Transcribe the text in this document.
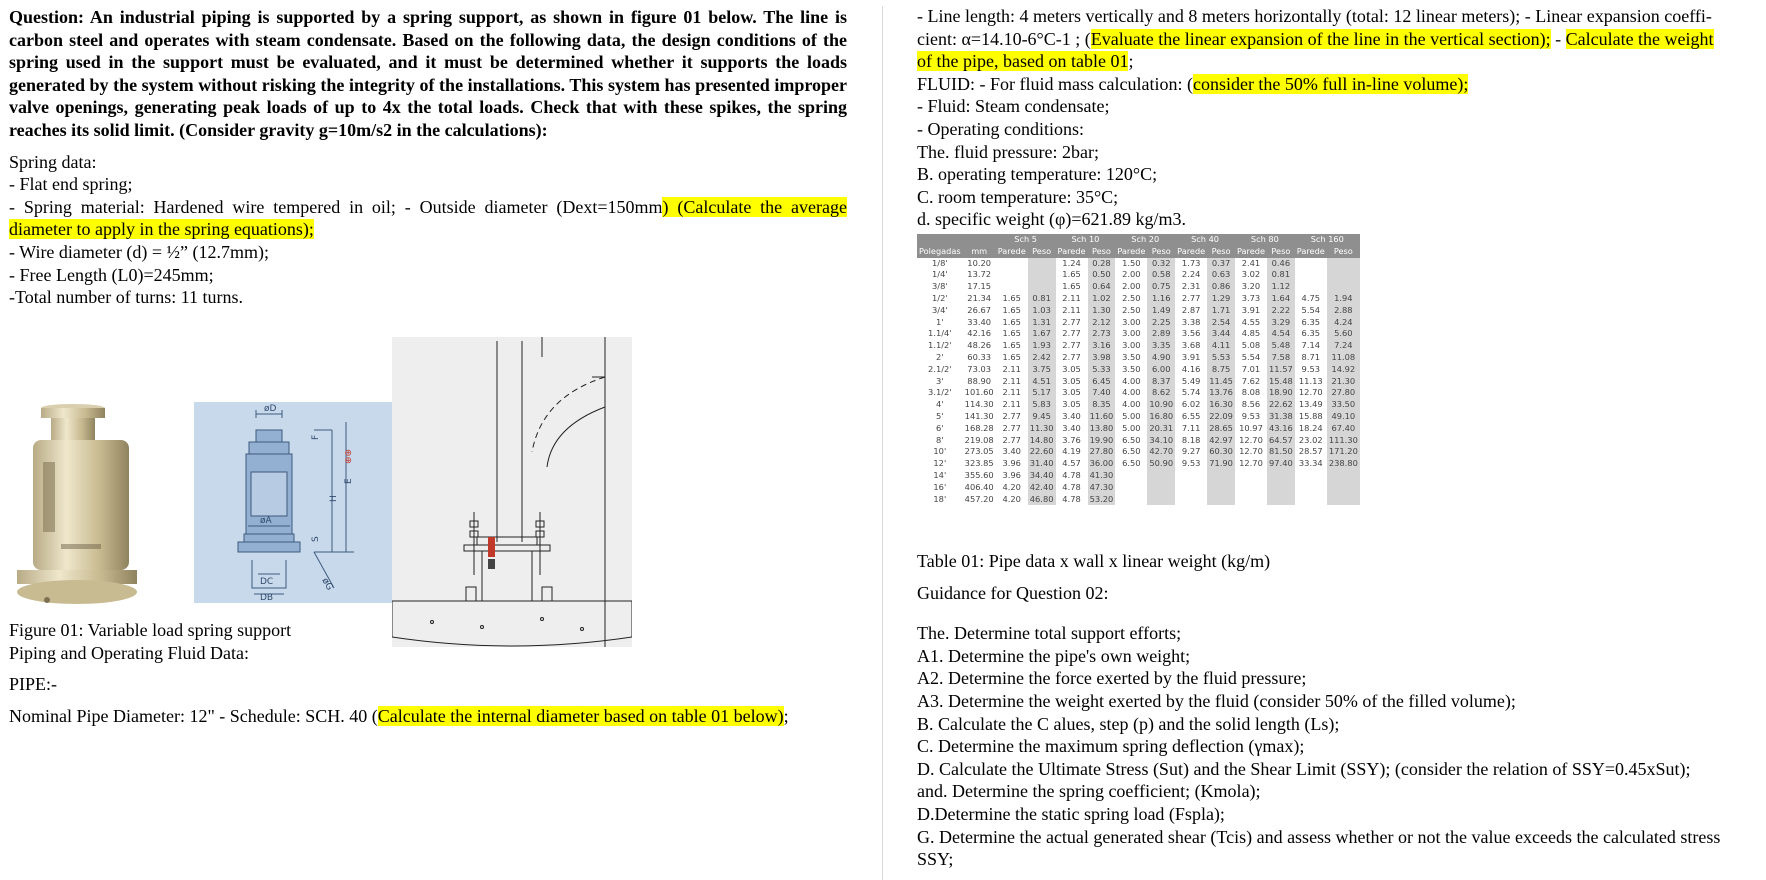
Question: An industrial piping is supported by a spring support, as shown in figure 01 below. The line is carbon steel and operates with steam condensate. Based on the following data, the design conditions of the spring used in the support must be evaluated, and it must be determined whether it supports the loads generated by the system without risking the integrity of the installations. This system has presented improper valve openings, generating peak loads of up to 4x the total loads. Check that with these spikes, the spring reaches its solid limit. (Consider gravity g=10m/s2 in the calculations):

Spring data:
- Flat end spring;
- Spring material: Hardened wire tempered in oil; - Outside diameter (Dext=150mm) (Calculate the average diameter to apply in the spring equations);
- Wire diameter (d) = ½” (12.7mm);
- Free Length (L0)=245mm;
-Total number of turns: 11 turns.
øD
øA
DC
DB
H
E
S
F
⊕⊕
øG
Figure 01: Variable load spring support
Piping and Operating Fluid Data:
PIPE:-
Nominal Pipe Diameter: 12" - Schedule: SCH. 40 (Calculate the internal diameter based on table 01 below);
- Line length: 4 meters vertically and 8 meters horizontally (total: 12 linear meters); - Linear expansion coeffi-
cient: α=14.10-6°C-1 ; (Evaluate the linear expansion of the line in the vertical section); - Calculate the weight
of the pipe, based on table 01;
FLUID: - For fluid mass calculation: (consider the 50% full in-line volume);
- Fluid: Steam condensate;
- Operating conditions:
The. fluid pressure: 2bar;
B. operating temperature: 120°C;
C. room temperature: 35°C;
d. specific weight (φ)=621.89 kg/m3.
		Sch 5		Sch 10		Sch 20		Sch 40		Sch 80		Sch 160	
Polegadas	mm	Parede	Peso	Parede	Peso	Parede	Peso	Parede	Peso	Parede	Peso	Parede	Peso
1/8'	10.20			1.24	0.28	1.50	0.32	1.73	0.37	2.41	0.46		
1/4'	13.72			1.65	0.50	2.00	0.58	2.24	0.63	3.02	0.81		
3/8'	17.15			1.65	0.64	2.00	0.75	2.31	0.86	3.20	1.12		
1/2'	21.34	1.65	0.81	2.11	1.02	2.50	1.16	2.77	1.29	3.73	1.64	4.75	1.94
3/4'	26.67	1.65	1.03	2.11	1.30	2.50	1.49	2.87	1.71	3.91	2.22	5.54	2.88
1'	33.40	1.65	1.31	2.77	2.12	3.00	2.25	3.38	2.54	4.55	3.29	6.35	4.24
1.1/4'	42.16	1.65	1.67	2.77	2.73	3.00	2.89	3.56	3.44	4.85	4.54	6.35	5.60
1.1/2'	48.26	1.65	1.93	2.77	3.16	3.00	3.35	3.68	4.11	5.08	5.48	7.14	7.24
2'	60.33	1.65	2.42	2.77	3.98	3.50	4.90	3.91	5.53	5.54	7.58	8.71	11.08
2.1/2'	73.03	2.11	3.75	3.05	5.33	3.50	6.00	4.16	8.75	7.01	11.57	9.53	14.92
3'	88.90	2.11	4.51	3.05	6.45	4.00	8.37	5.49	11.45	7.62	15.48	11.13	21.30
3.1/2'	101.60	2.11	5.17	3.05	7.40	4.00	8.62	5.74	13.76	8.08	18.90	12.70	27.80
4'	114.30	2.11	5.83	3.05	8.35	4.00	10.90	6.02	16.30	8.56	22.62	13.49	33.50
5'	141.30	2.77	9.45	3.40	11.60	5.00	16.80	6.55	22.09	9.53	31.38	15.88	49.10
6'	168.28	2.77	11.30	3.40	13.80	5.00	20.31	7.11	28.65	10.97	43.16	18.24	67.40
8'	219.08	2.77	14.80	3.76	19.90	6.50	34.10	8.18	42.97	12.70	64.57	23.02	111.30
10'	273.05	3.40	22.60	4.19	27.80	6.50	42.70	9.27	60.30	12.70	81.50	28.57	171.20
12'	323.85	3.96	31.40	4.57	36.00	6.50	50.90	9.53	71.90	12.70	97.40	33.34	238.80
14'	355.60	3.96	34.40	4.78	41.30								
16'	406.40	4.20	42.40	4.78	47.30								
18'	457.20	4.20	46.80	4.78	53.20								
Table 01: Pipe data x wall x linear weight (kg/m)
Guidance for Question 02:
The. Determine total support efforts;
A1. Determine the pipe's own weight;
A2. Determine the force exerted by the fluid pressure;
A3. Determine the weight exerted by the fluid (consider 50% of the filled volume);
B. Calculate the C alues, step (p) and the solid length (Ls);
C. Determine the maximum spring deflection (γmax);
D. Calculate the Ultimate Stress (Sut) and the Shear Limit (SSY); (consider the relation of SSY=0.45xSut);
and. Determine the spring coefficient; (Kmola);
D.Determine the static spring load (Fspla);
G. Determine the actual generated shear (Tcis) and assess whether or not the value exceeds the calculated stress
SSY;
